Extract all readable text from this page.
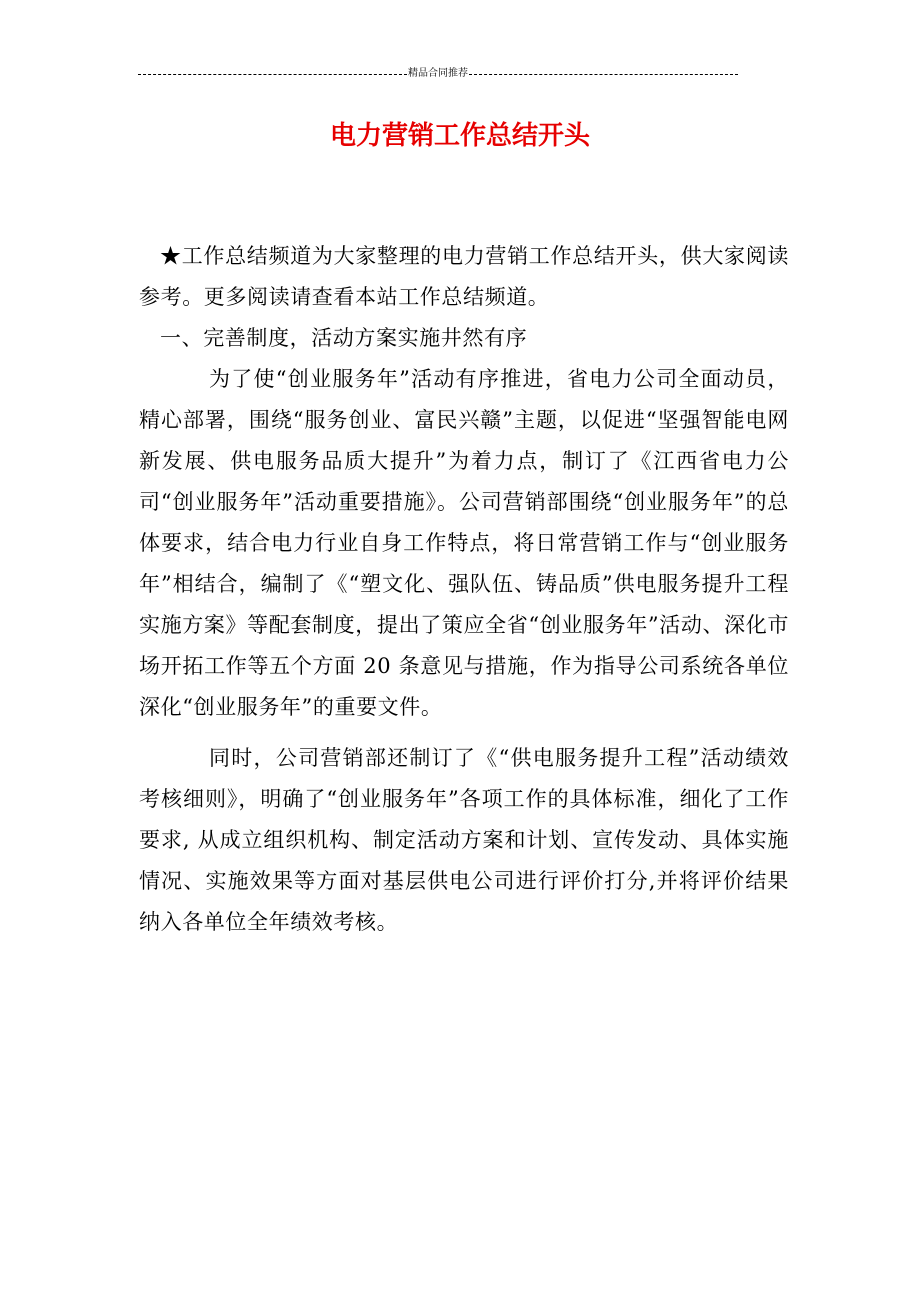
精品合同推荐
电力营销工作总结开头

★工作总结频道为大家整理的电力营销工作总结开头，供大家阅读参考。更多阅读请查看本站工作总结频道。

一、完善制度，活动方案实施井然有序

为了使“创业服务年”活动有序推进，省电力公司全面动员，精心部署，围绕“服务创业、富民兴赣”主题，以促进“坚强智能电网新发展、供电服务品质大提升”为着力点，制订了《江西省电力公司“创业服务年”活动重要措施》。公司营销部围绕“创业服务年”的总体要求，结合电力行业自身工作特点，将日常营销工作与“创业服务年”相结合，编制了《“塑文化、强队伍、铸品质”供电服务提升工程实施方案》等配套制度，提出了策应全省“创业服务年”活动、深化市场开拓工作等五个方面 20 条意见与措施，作为指导公司系统各单位深化“创业服务年”的重要文件。

同时，公司营销部还制订了《“供电服务提升工程”活动绩效考核细则》，明确了“创业服务年”各项工作的具体标准，细化了工作要求, 从成立组织机构、制定活动方案和计划、宣传发动、具体实施情况、实施效果等方面对基层供电公司进行评价打分,并将评价结果纳入各单位全年绩效考核。
